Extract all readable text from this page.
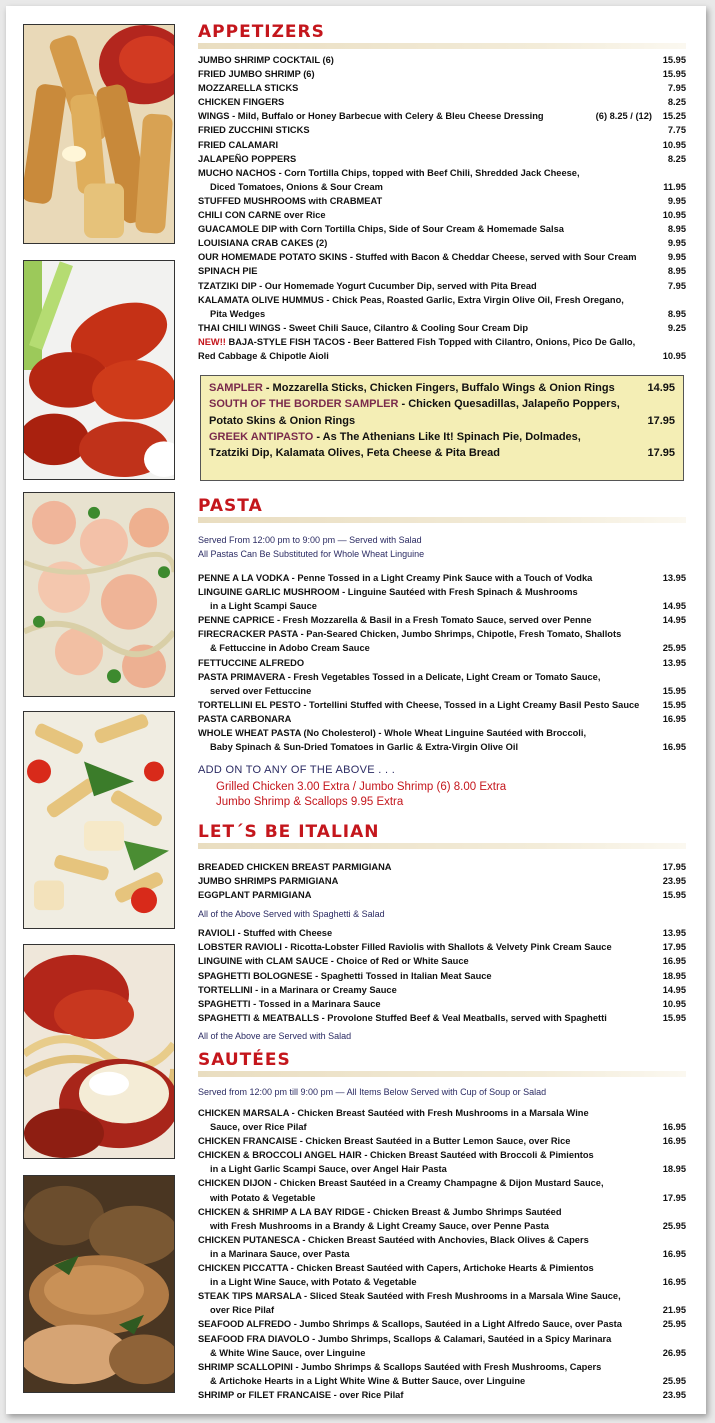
APPETIZERS
JUMBO SHRIMP COCKTAIL (6)	15.95
FRIED JUMBO SHRIMP (6)	15.95
MOZZARELLA STICKS	7.95
CHICKEN FINGERS	8.25
WINGS - Mild, Buffalo or Honey Barbecue with Celery & Bleu Cheese Dressing	(6) 8.25 / (12)	15.25
FRIED ZUCCHINI STICKS	7.75
FRIED CALAMARI	10.95
JALAPEÑO POPPERS	8.25
MUCHO NACHOS - Corn Tortilla Chips, topped with Beef Chili, Shredded Jack Cheese,
Diced Tomatoes, Onions & Sour Cream	11.95
STUFFED MUSHROOMS with CRABMEAT	9.95
CHILI CON CARNE over Rice	10.95
GUACAMOLE DIP with Corn Tortilla Chips, Side of Sour Cream & Homemade Salsa	8.95
LOUISIANA CRAB CAKES (2)	9.95
OUR HOMEMADE POTATO SKINS - Stuffed with Bacon & Cheddar Cheese, served with Sour Cream	9.95
SPINACH PIE	8.95
TZATZIKI DIP - Our Homemade Yogurt Cucumber Dip, served with Pita Bread	7.95
KALAMATA OLIVE HUMMUS - Chick Peas, Roasted Garlic, Extra Virgin Olive Oil, Fresh Oregano,
Pita Wedges	8.95
THAI CHILI WINGS - Sweet Chili Sauce, Cilantro & Cooling Sour Cream Dip	9.25
NEW!! BAJA-STYLE FISH TACOS - Beer Battered Fish Topped with Cilantro, Onions, Pico De Gallo,
Red Cabbage & Chipotle Aioli	10.95
SAMPLER - Mozzarella Sticks, Chicken Fingers, Buffalo Wings & Onion Rings	14.95
SOUTH OF THE BORDER SAMPLER - Chicken Quesadillas, Jalapeño Poppers,
Potato Skins & Onion Rings	17.95
GREEK ANTIPASTO - As The Athenians Like It! Spinach Pie, Dolmades,
Tzatziki Dip, Kalamata Olives, Feta Cheese & Pita Bread	17.95
PASTA
Served From 12:00 pm to 9:00 pm — Served with Salad
All Pastas Can Be Substituted for Whole Wheat Linguine
PENNE A LA VODKA - Penne Tossed in a Light Creamy Pink Sauce with a Touch of Vodka	13.95
LINGUINE GARLIC MUSHROOM - Linguine Sautéed with Fresh Spinach & Mushrooms
in a Light Scampi Sauce	14.95
PENNE CAPRICE - Fresh Mozzarella & Basil in a Fresh Tomato Sauce, served over Penne	14.95
FIRECRACKER PASTA - Pan-Seared Chicken, Jumbo Shrimps, Chipotle, Fresh Tomato, Shallots
& Fettuccine in Adobo Cream Sauce	25.95
FETTUCCINE ALFREDO	13.95
PASTA PRIMAVERA - Fresh Vegetables Tossed in a Delicate, Light Cream or Tomato Sauce,
served over Fettuccine	15.95
TORTELLINI EL PESTO - Tortellini Stuffed with Cheese, Tossed in a Light Creamy Basil Pesto Sauce	15.95
PASTA CARBONARA	16.95
WHOLE WHEAT PASTA (No Cholesterol) - Whole Wheat Linguine Sautéed with Broccoli,
Baby Spinach & Sun-Dried Tomatoes in Garlic & Extra-Virgin Olive Oil	16.95
ADD ON TO ANY OF THE ABOVE . . .
Grilled Chicken 3.00 Extra / Jumbo Shrimp (6) 8.00 Extra
Jumbo Shrimp & Scallops 9.95 Extra
LET´S BE ITALIAN
BREADED CHICKEN BREAST PARMIGIANA	17.95
JUMBO SHRIMPS PARMIGIANA	23.95
EGGPLANT PARMIGIANA	15.95
All of the Above Served with Spaghetti & Salad
RAVIOLI - Stuffed with Cheese	13.95
LOBSTER RAVIOLI - Ricotta-Lobster Filled Raviolis with Shallots & Velvety Pink Cream Sauce	17.95
LINGUINE with CLAM SAUCE - Choice of Red or White Sauce	16.95
SPAGHETTI BOLOGNESE - Spaghetti Tossed in Italian Meat Sauce	18.95
TORTELLINI - in a Marinara or Creamy Sauce	14.95
SPAGHETTI - Tossed in a Marinara Sauce	10.95
SPAGHETTI & MEATBALLS - Provolone Stuffed Beef & Veal Meatballs, served with Spaghetti	15.95
All of the Above are Served with Salad
SAUTÉES
Served from 12:00 pm till 9:00 pm — All Items Below Served with Cup of Soup or Salad
CHICKEN MARSALA - Chicken Breast Sautéed with Fresh Mushrooms in a Marsala Wine
Sauce, over Rice Pilaf	16.95
CHICKEN FRANCAISE - Chicken Breast Sautéed in a Butter Lemon Sauce, over Rice	16.95
CHICKEN & BROCCOLI ANGEL HAIR - Chicken Breast Sautéed with Broccoli & Pimientos
in a Light Garlic Scampi Sauce, over Angel Hair Pasta	18.95
CHICKEN DIJON - Chicken Breast Sautéed in a Creamy Champagne & Dijon Mustard Sauce,
with Potato & Vegetable	17.95
CHICKEN & SHRIMP A LA BAY RIDGE - Chicken Breast & Jumbo Shrimps Sautéed
with Fresh Mushrooms in a Brandy & Light Creamy Sauce, over Penne Pasta	25.95
CHICKEN PUTANESCA - Chicken Breast Sautéed with Anchovies, Black Olives & Capers
in a Marinara Sauce, over Pasta	16.95
CHICKEN PICCATTA - Chicken Breast Sautéed with Capers, Artichoke Hearts & Pimientos
in a Light Wine Sauce, with Potato & Vegetable	16.95
STEAK TIPS MARSALA - Sliced Steak Sautéed with Fresh Mushrooms in a Marsala Wine Sauce,
over Rice Pilaf	21.95
SEAFOOD ALFREDO - Jumbo Shrimps & Scallops, Sautéed in a Light Alfredo Sauce, over Pasta	25.95
SEAFOOD FRA DIAVOLO - Jumbo Shrimps, Scallops & Calamari, Sautéed in a Spicy Marinara
& White Wine Sauce, over Linguine	26.95
SHRIMP SCALLOPINI - Jumbo Shrimps & Scallops Sautéed with Fresh Mushrooms, Capers
& Artichoke Hearts in a Light White Wine & Butter Sauce, over Linguine	25.95
SHRIMP or FILET FRANCAISE - over Rice Pilaf	23.95
